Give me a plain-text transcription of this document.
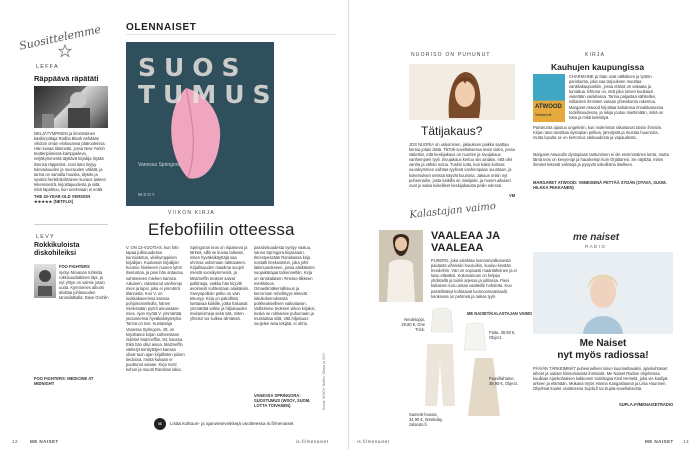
OLENNAISET
Suosittelemme
LEFFA
Räppäävä räpätäti
NELJÄTYMPINEN ja ilmiömäinen käsikirjoittaja Radha Blank nähdään vihdoin oman elokuvansa päärooleissa. Hän kuvaa tilannetta, jossa New Yorkin teatteripiireissä kamppaileva, neljäkymmentä täyttävä kirjailija löytää itsensä räppärinä. Uusi ääni löytyy tulevaisuuden ja nuoruuden välistä, ja tarina on samalla hauska, älykäs ja syvästi henkilökohtainen kuvaus taiteen tekemisestä, kirjoittajuudesta ja siitä, mitä tapahtuu, kun unelmiaan ei enää
THE 40-YEAR-OLD VERSION ★★★★★ (NETFLIX)
LEVY
Rokkikuloista diskohileiksi
FOO FIGHTERS
syntyi Nirvanan tuhkista rokkisuodattimen läpi, ja nyt yhtye on valmis jotain uutta. Kymmenes albumi aloittaa juhlavuoden tanssilattialla: Dave Grohlin
FOO FIGHTERS: MEDICINE AT MIDNIGHT
SUOS TUMUS
Vanessa Springora
WSOY
VIIKON KIRJA
Efebofiilin otteessa
V. ON 13-VUOTIAS, kun hän tapaa julkisuudessa kunnioitetun, viisikymppisen kirjailijan. Kuuluisan kirjailijan huomio hiveleeen nuoren tytön itsetuntoa, ja pian hän antautuu suhteeseen miehen kanssa. Aikuinen, rakastunut vanhempi mies ja lapsi, joka ei ymmärrä tilannetta. Kun V. on luokkakaverinsa kanssa pohjoisrannikolla, hänen mielessään pyörii ainoastaan mies. Ajan myötä V. ymmärtää joutuneensa hyväksikäytetyksi. Tarina on tosi. Kustantaja Vanessa Springora, 48, on kirjoittanut kirjan suhteestaan Gabriel Matzneffiin, 84, kanssa. Eikä hän ollut ainoa. Matzneffin väittelyt teinityttöjen kanssa olivat tuon ajan kirjallisten piirien tiedossa, mutta kukaan ei puuttunut asiaan. Kirja nosti kohun ja muutti Ranskan lakia.
Springoran teos on riipaiseva ja tärkeä, sillä se kuvaa tarkasti, miten hyväksikäyttäjä saa uhrinsa uskomaan rakkauteen. Kirjallisuuden maailma suojeli miestä vuosikymmeniä, ja Matzneffin teokset saivat palkintoja, vaikka hän kirjoitti avoimesti suhteistaan alaikäisiin. Siveyspoliisin pelko on vain tekosyy. Kirja on pakollista luettavaa kaikille, jotka haluavat ymmärtää vallan ja hiljaisuuden mekanismeja sekä sitä, miten yhteisö voi sulkea silmänsä.
passiivisuudesta syntyy vastuu, sanoo Springora kirjassaan. Ilmestyessään Ranskassa kirja nostatti keskustelun, joka johti lakimuutokseen, jossa alaikäisten suojaikärajaa tarkennettiin. Kirja on ranskalaisen #metoo-liikkeen merkkiteos. Omaelämäkerrallisuus ja kerronnan rehellisyys tekevät lukukokemuksesta poikkeuksellisen vaikuttavan. Valitsimme teoksen viikon kirjaksi, koska se rohkaisee puhumaan ja muistuttaa siitä, että hiljaisuus suojelee aina tekijää, ei uhria.
VANESSA SPRINGORA: SUOSTUMUS (WSOY, SUOM. LOTTA TOIVANEN)	Kuvat: WSOY, Netflix, Otava ja SXY
IS	Lisää kulttuuri- ja ajanvietevinkkejä osoitteessa is.fi/menaiset
12	ME NAISET	is.fi/menaiset
NUORISO ON PUHUNUT
Tätijakaus?
JOS NUORIA on uskominen, jakauksen paikka saattaa kertoa jotain iästä. TikTok-sovelluksessa levisi video, jossa väitettiin, että keskijakaus on nuorten ja sivujakaus vanhempien tyyli. Sivujakaus kertoo siis ainakin, että olet vanha ja vähän noloa. Tuskin totta, kun kaksi kolmas vuosikymmen vaihtaa tyylinsä vanhempaan suuntaan, ja kokemukset netissä käyvät kuumina. Jakaus onkin nyt puheenaihe, josta kaikilla on mielipide, ja monet aikuiset ovat jo salaa kokeilleet keskijakausta peilin edessä.
VM
KIRJA
Kauhujen kaupungissa
ATWOOD
Testamentit
CHARMAINE ja Stan ovat nälkäinen ja työtön pariskunta, joka saa tarjouksen muuttaa vankilakaupunkiin, jossa elämä on vakaata ja turvattua. Ehtona on, että joka toinen kuukausi vietetään vankilassa. Tarina paljastaa vähitellen, millaisten ihmisten varaan yhteiskunta rakentuu. Margaret Atwood kirjoittaa kahdessa rinnakkaisessa todellisuudessa, ja lukija joutuu miettimään, mikä on totta ja mikä keksittyä.
Pariskunta ajautuu ongelmiin, kun molemmat rakastuvat toisiin ihmisiin. Kirjan taso tavoittaa dystopian pelkoa, jännitystä ja mustaa huumoria, mutta lopulta se on kertomus rakkaudesta ja vapaudesta.
Margaret Atwoodin dystopiaan tarttuminen ei ole ensimmäinen kerta, mutta tämä teos on kevyempi ja hauskempi kuin Orjattaresi. Se näyttää, miten ihmiset tekevät valintoja ja pysyvät uskollisina itselleen.
MARGARET ATWOOD: VIIMEISENÄ PETTÄÄ SYDÄN (OTAVA, SUOM. HILKKA PEKKANEN)
Kalastajan vaimo
VAALEAA JA
VAALEAA
PUSERO, joka valahtaa luonnonvalkoisesta paidasta vihreisiin housuihin, kuuluu kevään trendeihin. Väri on sopivasti maanläheinen ja ei luisu eläväksi. Kokonaisuus on helppo yhdistellä ja toimii arjessa ja juhlassa. Pieni kultainen koru antaa vaatteille hohdetta. Kun pastellisävyt kohtaavat luonnonmateriaalit, tuloksena on pehmeä ja raikas tyyli.
ME NAISET/KALASTAJAN VAIMO
Neuletoppi, 29,90 €, One Trick.
Sametti-housut, 34,90 €, Weekday, zalando.fi.
Paita, 39,90 €, Object.
Puuvillahame, 39,90 €, Object.
me naiset
RADIO
Me Naiset
nyt myös radiossa!
PÄIVÄN TÄRKEIMMÄT puheenaiheet sinun kuunneltavaksi, ajankohtaiset aiheet ja uutiset kiinnostavista ihmisistä. Me Naiset Radion ohjelmissa kuullaan Ajankohtaisen kakkosen toimittajaa Kirsi Hemelä, joka vie kuulijat arkeen ja elämään. Mukana myös Hanna Kangaslauma ja Liisa Huurinen. Ohjelmat kuulet osoitteessa Supla.fi tai Supla-sovelluksesta.
SUPLA.FI/MENAISETRADIO
is.fi/menaiset	ME NAISET 13
